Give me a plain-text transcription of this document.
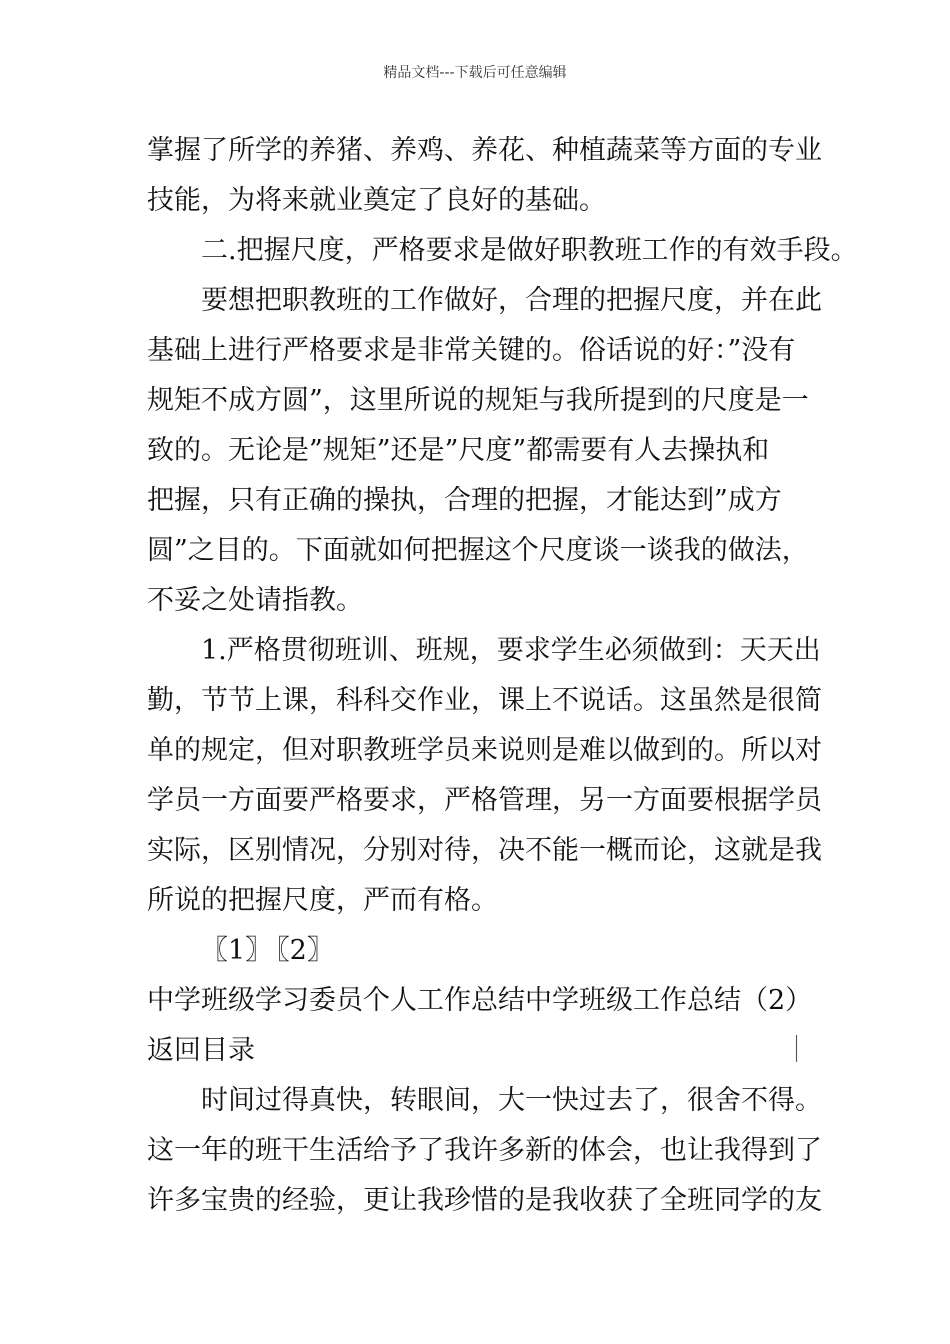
精品文档---下载后可任意编辑
掌握了所学的养猪、养鸡、养花、种植蔬菜等方面的专业
技能，为将来就业奠定了良好的基础。
二.把握尺度，严格要求是做好职教班工作的有效手段。
要想把职教班的工作做好，合理的把握尺度，并在此
基础上进行严格要求是非常关键的。俗话说的好：”没有
规矩不成方圆”，这里所说的规矩与我所提到的尺度是一
致的。无论是”规矩”还是”尺度”都需要有人去操执和
把握，只有正确的操执，合理的把握，才能达到”成方
圆”之目的。下面就如何把握这个尺度谈一谈我的做法，
不妥之处请指教。
1.严格贯彻班训、班规，要求学生必须做到：天天出
勤，节节上课，科科交作业，课上不说话。这虽然是很简
单的规定，但对职教班学员来说则是难以做到的。所以对
学员一方面要严格要求，严格管理，另一方面要根据学员
实际，区别情况，分别对待，决不能一概而论，这就是我
所说的把握尺度，严而有格。
〖1〗 〖2〗
中学班级学习委员个人工作总结中学班级工作总结（2）
｜
返回目录
时间过得真快，转眼间，大一快过去了，很舍不得。
这一年的班干生活给予了我许多新的体会，也让我得到了
许多宝贵的经验，更让我珍惜的是我收获了全班同学的友
